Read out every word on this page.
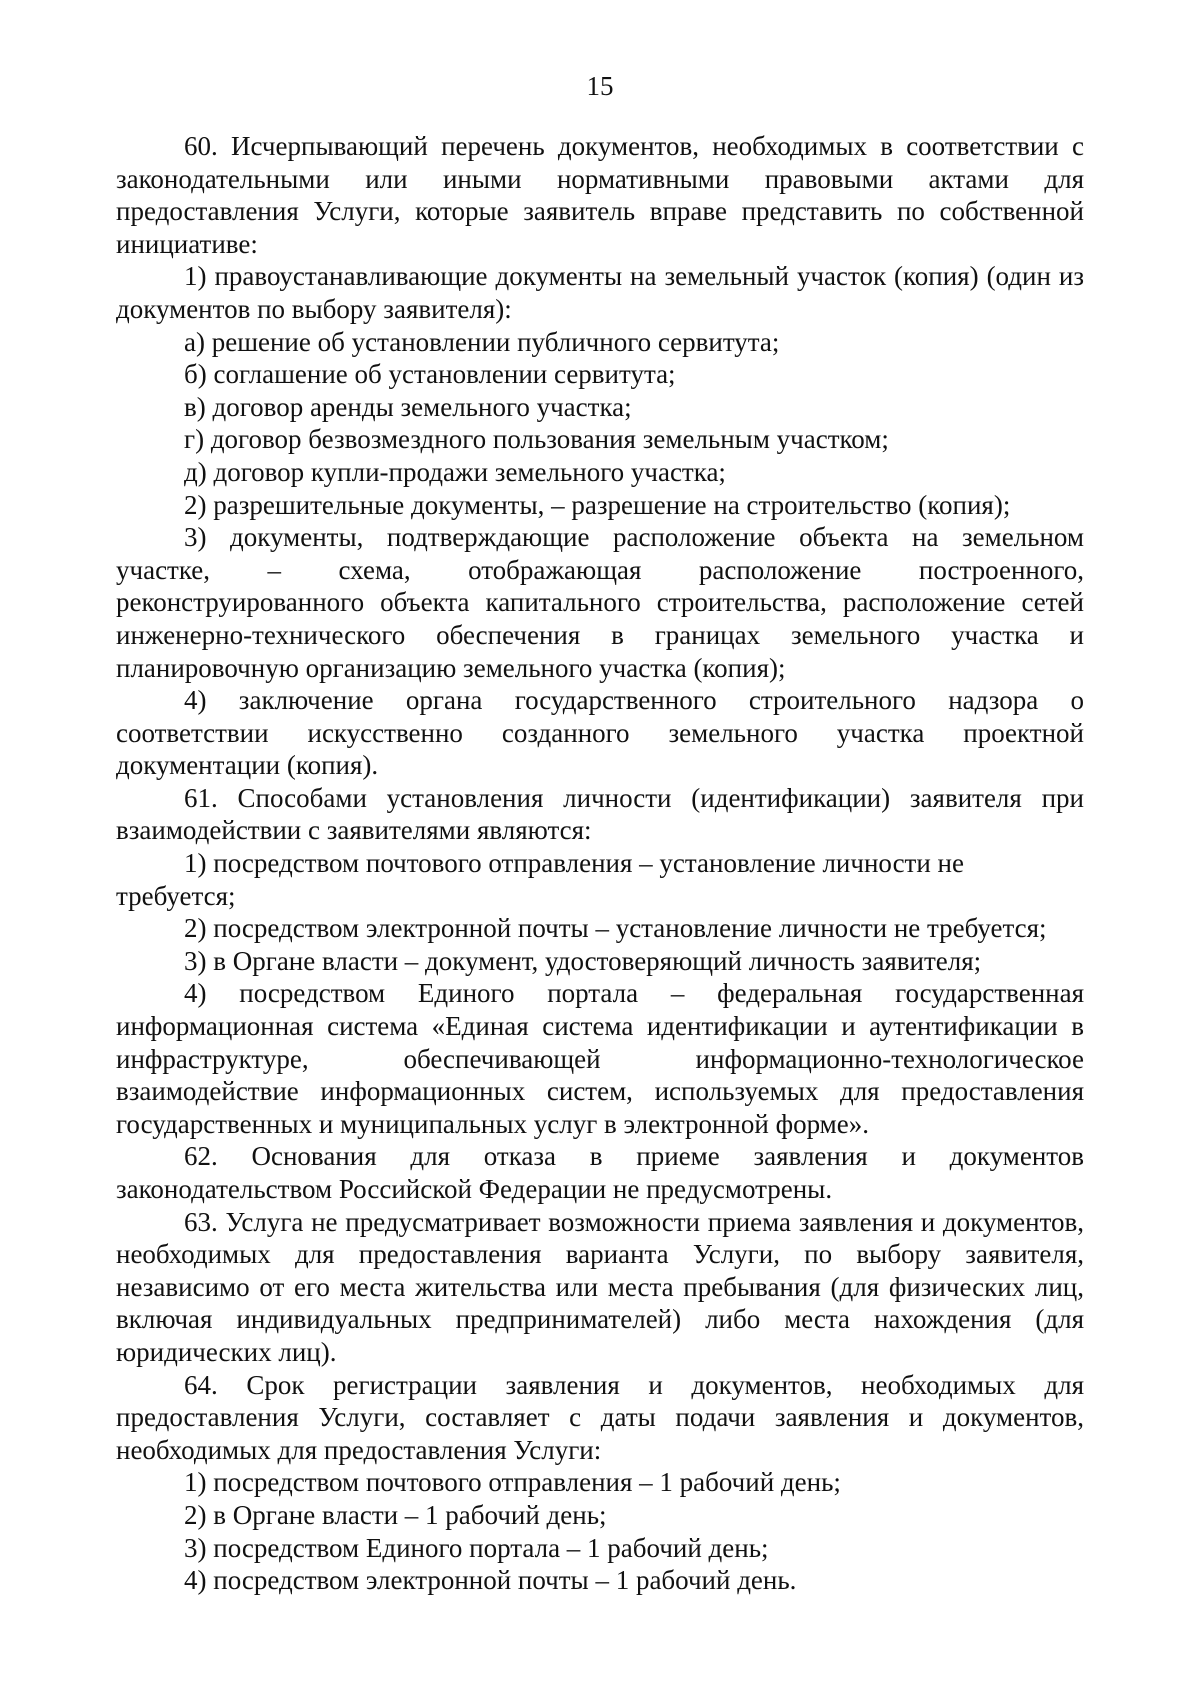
15

60. Исчерпывающий перечень документов, необходимых в соответствии с законодательными или иными нормативными правовыми актами для предоставления Услуги, которые заявитель вправе представить по собственной инициативе:

1) правоустанавливающие документы на земельный участок (копия) (один из документов по выбору заявителя):

а) решение об установлении публичного сервитута;

б) соглашение об установлении сервитута;

в) договор аренды земельного участка;

г) договор безвозмездного пользования земельным участком;

д) договор купли-продажи земельного участка;

2) разрешительные документы, – разрешение на строительство (копия);

3) документы, подтверждающие расположение объекта на земельном участке, – схема, отображающая расположение построенного, реконструированного объекта капитального строительства, расположение сетей инженерно-технического обеспечения в границах земельного участка и планировочную организацию земельного участка (копия);

4) заключение органа государственного строительного надзора о соответствии искусственно созданного земельного участка проектной документации (копия).

61. Способами установления личности (идентификации) заявителя при взаимодействии с заявителями являются:

1) посредством почтового отправления – установление личности не требуется;

2) посредством электронной почты – установление личности не требуется;

3) в Органе власти – документ, удостоверяющий личность заявителя;

4) посредством Единого портала – федеральная государственная информационная система «Единая система идентификации и аутентификации в инфраструктуре, обеспечивающей информационно-технологическое взаимодействие информационных систем, используемых для предоставления государственных и муниципальных услуг в электронной форме».

62. Основания для отказа в приеме заявления и документов законодательством Российской Федерации не предусмотрены.

63. Услуга не предусматривает возможности приема заявления и документов, необходимых для предоставления варианта Услуги, по выбору заявителя, независимо от его места жительства или места пребывания (для физических лиц, включая индивидуальных предпринимателей) либо места нахождения (для юридических лиц).

64. Срок регистрации заявления и документов, необходимых для предоставления Услуги, составляет с даты подачи заявления и документов, необходимых для предоставления Услуги:

1) посредством почтового отправления – 1 рабочий день;

2) в Органе власти – 1 рабочий день;

3) посредством Единого портала – 1 рабочий день;

4) посредством электронной почты – 1 рабочий день.
